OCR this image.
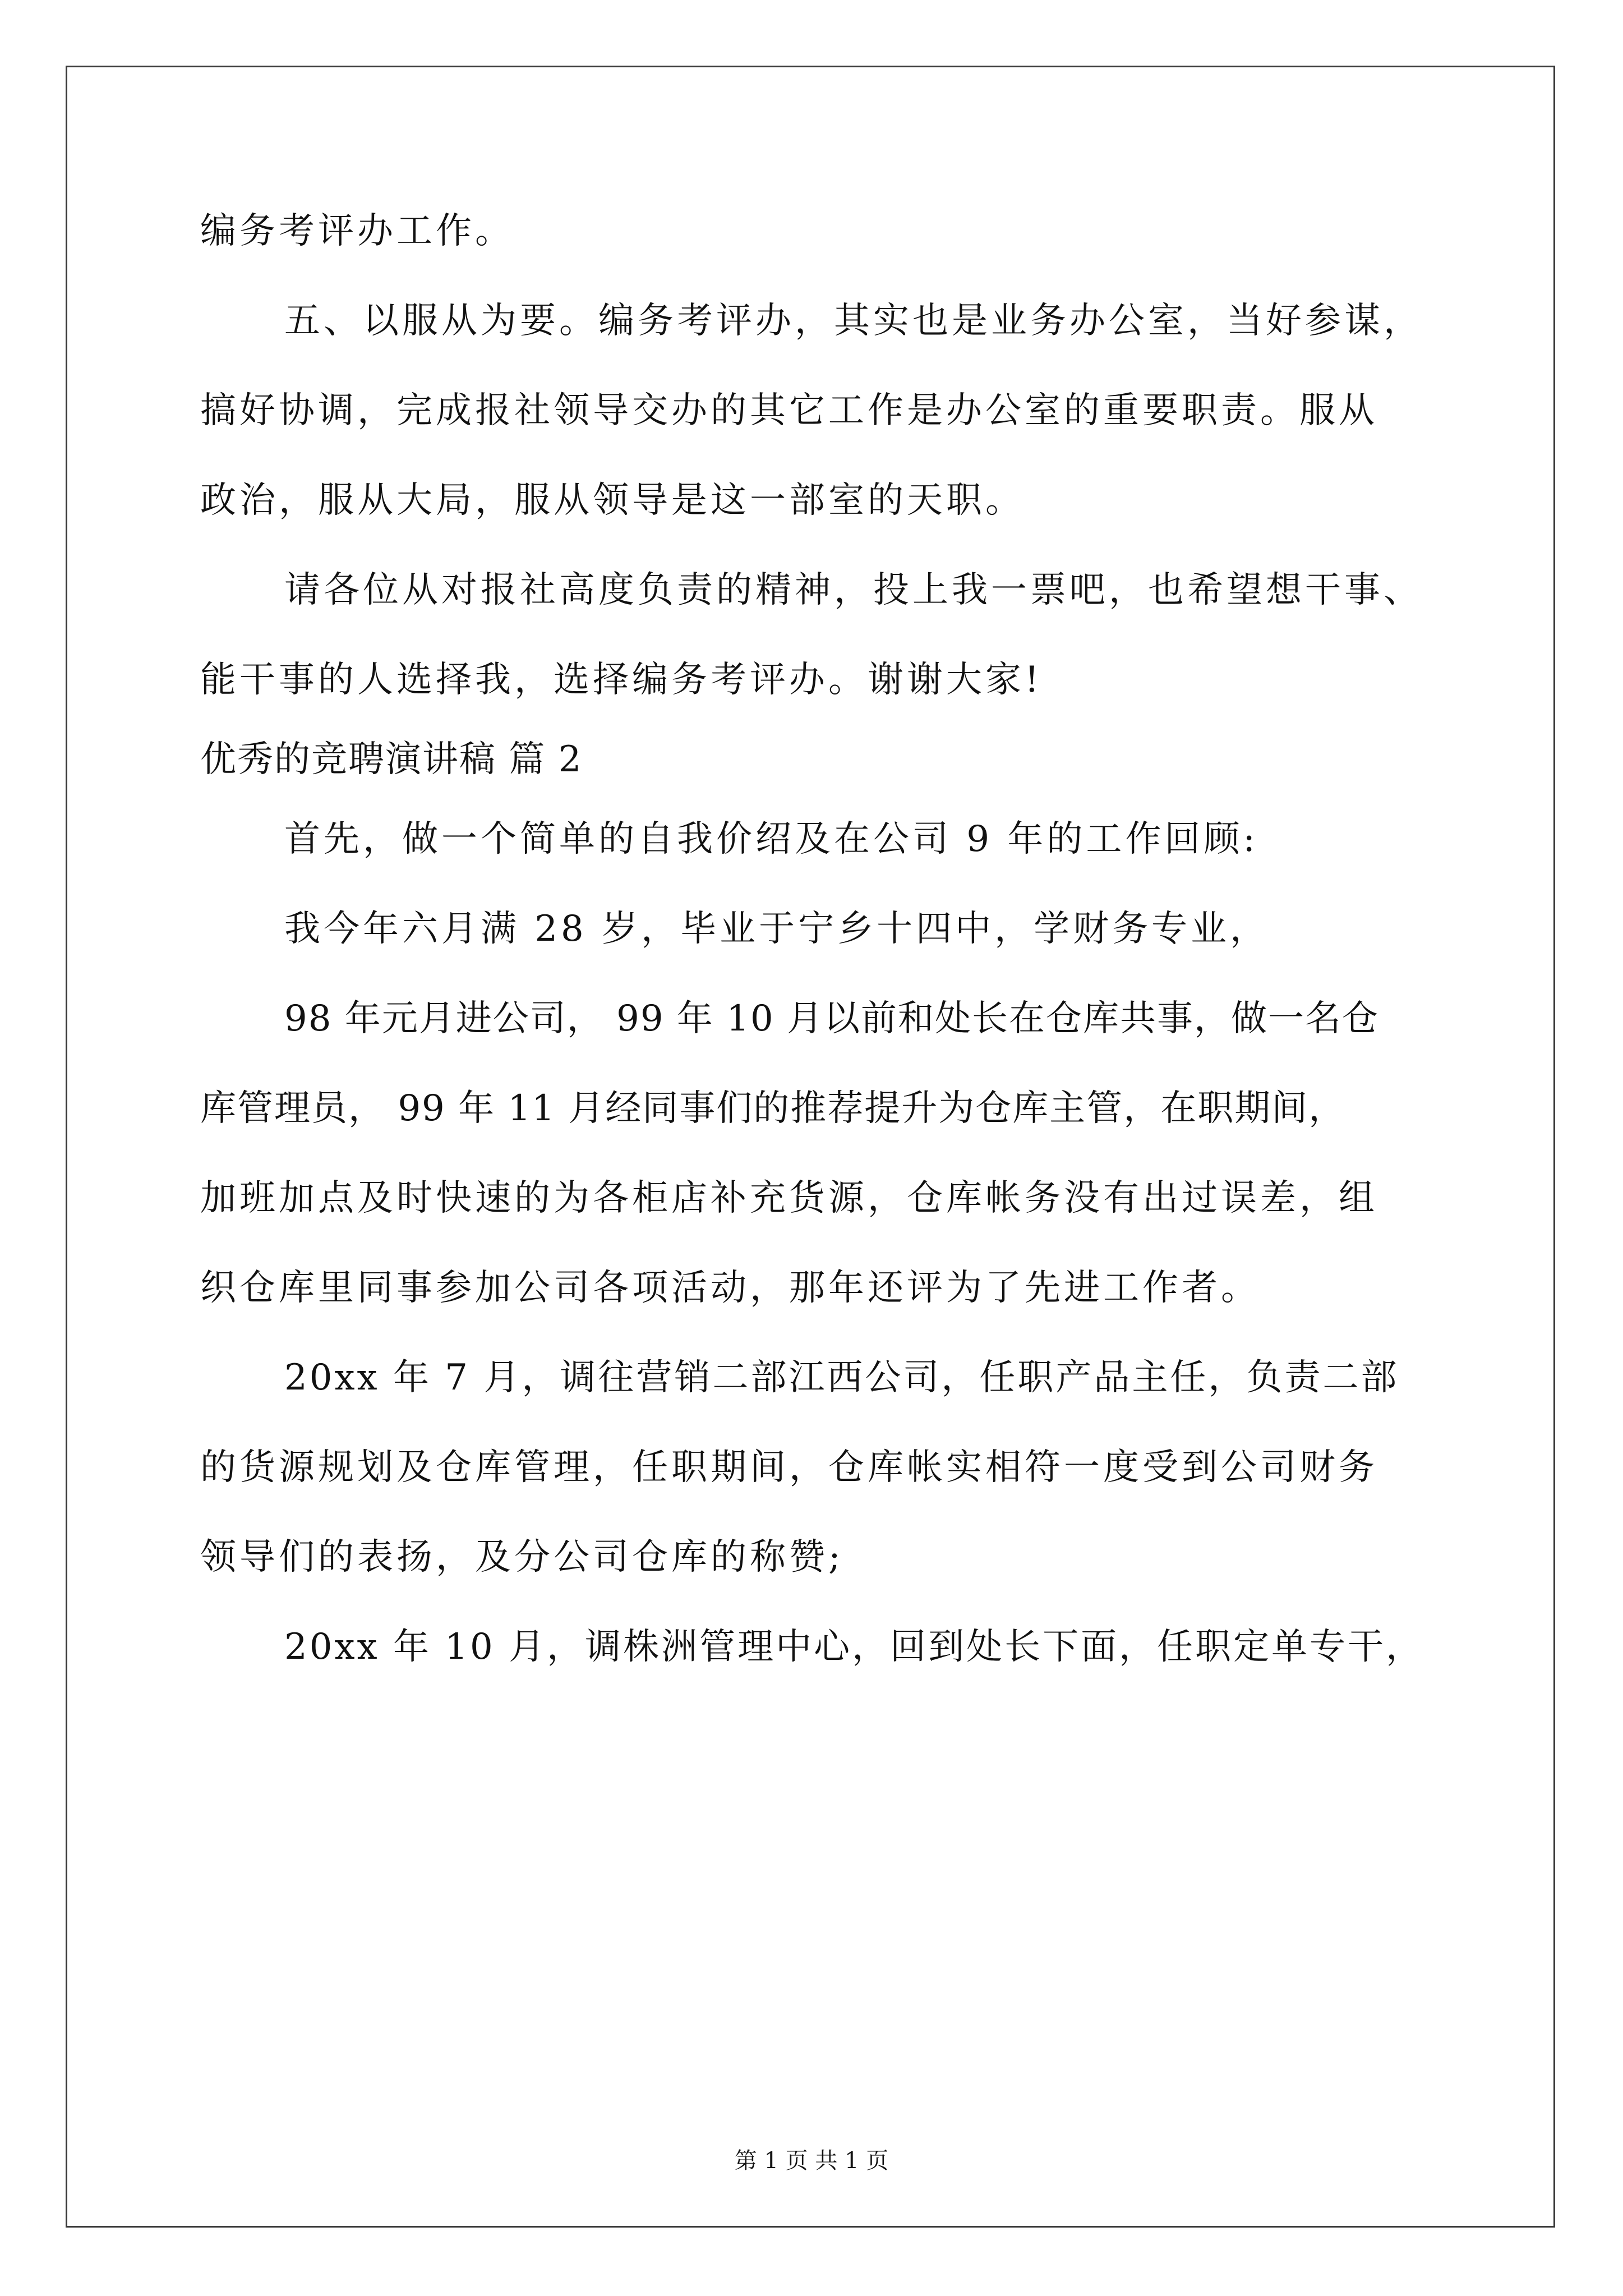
编务考评办工作。
五、以服从为要。编务考评办，其实也是业务办公室，当好参谋，
搞好协调，完成报社领导交办的其它工作是办公室的重要职责。服从
政治，服从大局，服从领导是这一部室的天职。
请各位从对报社高度负责的精神，投上我一票吧，也希望想干事、
能干事的人选择我，选择编务考评办。谢谢大家!
优秀的竞聘演讲稿 篇 2
首先，做一个简单的自我价绍及在公司 9 年的工作回顾:
我今年六月满 28 岁，毕业于宁乡十四中，学财务专业，
98 年元月进公司， 99 年 10 月以前和处长在仓库共事，做一名仓
库管理员， 99 年 11 月经同事们的推荐提升为仓库主管，在职期间，
加班加点及时快速的为各柜店补充货源，仓库帐务没有出过误差，组
织仓库里同事参加公司各项活动，那年还评为了先进工作者。
20xx 年 7 月，调往营销二部江西公司，任职产品主任，负责二部
的货源规划及仓库管理，任职期间，仓库帐实相符一度受到公司财务
领导们的表扬，及分公司仓库的称赞;
20xx 年 10 月，调株洲管理中心，回到处长下面，任职定单专干，
第 1 页 共 1 页
